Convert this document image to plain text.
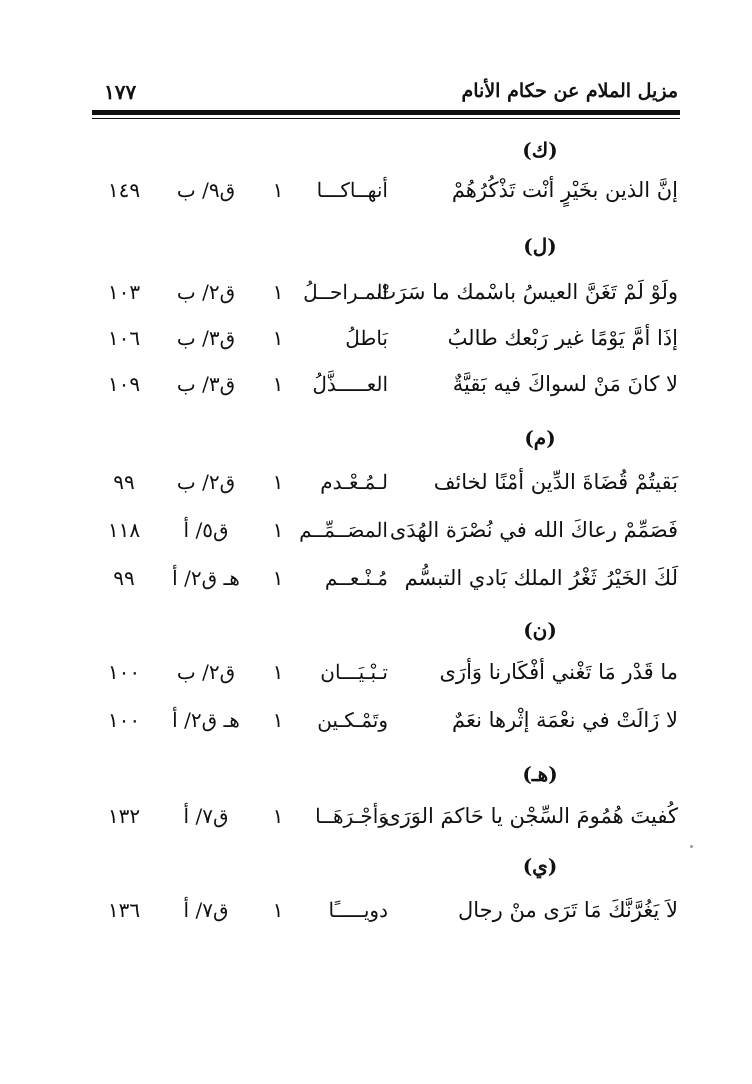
مزيل الملام عن حكام الأنام
١٧٧
(ك)
إنَّ الذين بخَيْرٍ أنْت تَذْكُرُهُمْ
أنهــاكـــا
١
ق٩/ ب
١٤٩
(ل)
ولَوْ لَمْ تَغَنَّ العيسُ باسْمك ما سَرَتْ
المـراحــلُ
١
ق٢/ ب
١٠٣
إذَا أمَّ يَوْمًا غير رَبْعك طالبُ
بَاطلُ
١
ق٣/ ب
١٠٦
لا كانَ مَنْ لسواكَ فيه بَقيَّةٌ
العـــــذَّلُ
١
ق٣/ ب
١٠٩
(م)
بَقيتُمْ قُضَاةَ الدِّين أمْنًا لخائف
لـمُـعْـدم
١
ق٢/ ب
٩٩
فَصَمِّمْ رعاكَ الله في نُصْرَة الهُدَى
المصَــمِّــم
١
ق٥/ أ
١١٨
لَكَ الخَيْرُ ثَغْرُ الملك بَادي التبسُّم
مُـنْـعــم
١
هـ ق٢/ أ
٩٩
(ن)
ما قَدْر مَا تَغْني أفْكَارنا وَأرَى
تـبْـيَـــان
١
ق٢/ ب
١٠٠
لا زَالَتْ في نعْمَة إثْرها نعَمٌ
وتَمْـكـين
١
هـ ق٢/ أ
١٠٠
(هـ)
كُفيتَ هُمُومَ السِّجْن يا حَاكمَ الوَرَى
وَأجْـرَهَــا
١
ق٧/ أ
١٣٢
(ي)
لاَ يَغُرَّنَّكَ مَا تَرَى منْ رجال
دويـــــًا
١
ق٧/ أ
١٣٦
